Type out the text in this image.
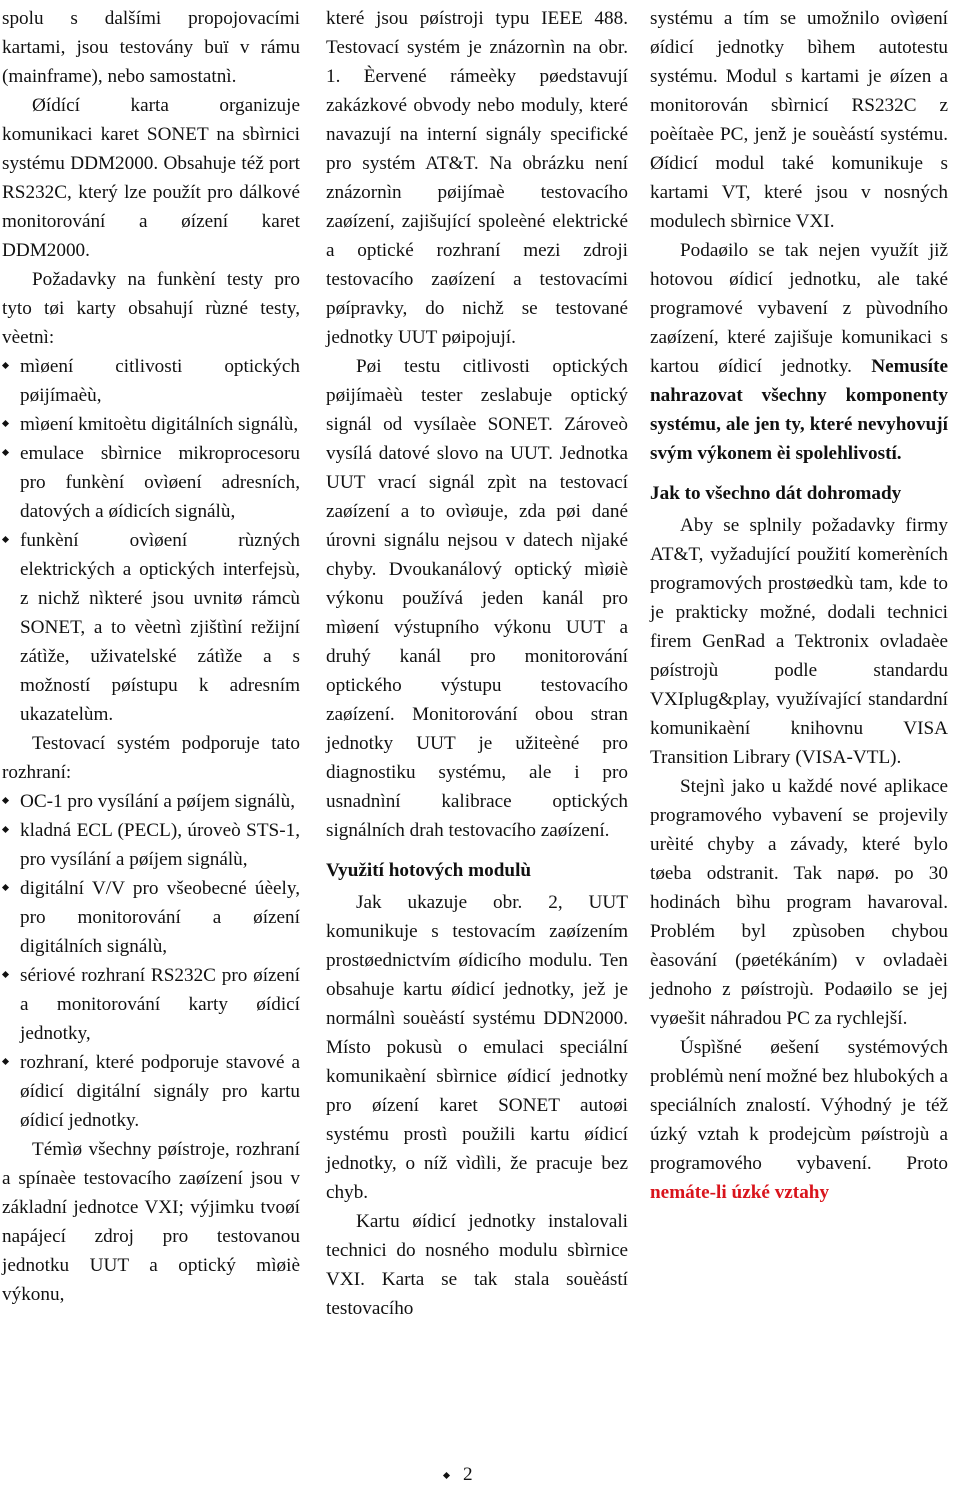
spolu s dalšími propojovacími kartami, jsou testovány buï v rámu (mainframe), nebo samostatnì.

Øídící karta organizuje komunikaci karet SONET na sbìrnici systému DDM2000. Obsahuje též port RS232C, který lze použít pro dálkové monitorování a øízení karet DDM2000.

Požadavky na funkèní testy pro tyto tøi karty obsahují rùzné testy, vèetnì:

mìøení citlivosti optických pøijímaèù,
mìøení kmitoètu digitálních signálù,
emulace sbìrnice mikroprocesoru pro funkèní ovìøení adresních, datových a øídicích signálù,
funkèní ovìøení rùzných elektrických a optických interfejsù, z nichž nìkteré jsou uvnitø rámcù SONET, a to vèetnì zjištìní režijní zátìže, uživatelské zátìže a s možností pøístupu k adresním ukazatelùm.

Testovací systém podporuje tato rozhraní:

OC-1 pro vysílání a pøíjem signálù,
kladná ECL (PECL), úroveò STS-1, pro vysílání a pøíjem signálù,
digitální V/V pro všeobecné úèely, pro monitorování a øízení digitálních signálù,
sériové rozhraní RS232C pro øízení a monitorování karty øídicí jednotky,
rozhraní, které podporuje stavové a øídicí digitální signály pro kartu øídicí jednotky.

Témìø všechny pøístroje, rozhraní a spínaèe testovacího zaøízení jsou v základní jednotce VXI; výjimku tvoøí napájecí zdroj pro testovanou jednotku UUT a optický mìøiè výkonu,

které jsou pøístroji typu IEEE 488. Testovací systém je znázornìn na obr. 1. Èervené rámeèky pøedstavují zakázkové obvody nebo moduly, které navazují na interní signály specifické pro systém AT&T. Na obrázku není znázornìn pøijímaè testovacího zaøízení, zajišující spoleèné elektrické a optické rozhraní mezi zdroji testovacího zaøízení a testovacími pøípravky, do nichž se testované jednotky UUT pøipojují.

Pøi testu citlivosti optických pøijímaèù tester zeslabuje optický signál od vysílaèe SONET. Zároveò vysílá datové slovo na UUT. Jednotka UUT vrací signál zpìt na testovací zaøízení a to ovìøuje, zda pøi dané úrovni signálu nejsou v datech nìjaké chyby. Dvoukanálový optický mìøiè výkonu používá jeden kanál pro mìøení výstupního výkonu UUT a druhý kanál pro monitorování optického výstupu testovacího zaøízení. Monitorování obou stran jednotky UUT je užiteèné pro diagnostiku systému, ale i pro usnadnìní kalibrace optických signálních drah testovacího zaøízení.

Využití hotových modulù

Jak ukazuje obr. 2, UUT komunikuje s testovacím zaøízením prostøednictvím øídicího modulu. Ten obsahuje kartu øídicí jednotky, jež je normálnì souèástí systému DDN2000. Místo pokusù o emulaci speciální komunikaèní sbìrnice øídicí jednotky pro øízení karet SONET autoøi systému prostì použili kartu øídicí jednotky, o níž vìdìli, že pracuje bez chyb.

Kartu øídicí jednotky instalovali technici do nosného modulu sbìrnice VXI. Karta se tak stala souèástí testovacího

systému a tím se umožnilo ovìøení øídicí jednotky bìhem autotestu systému. Modul s kartami je øízen a monitorován sbìrnicí RS232C z poèítaèe PC, jenž je souèástí systému. Øídicí modul také komunikuje s kartami VT, které jsou v nosných modulech sbìrnice VXI.

Podaøilo se tak nejen využít již hotovou øídicí jednotku, ale také programové vybavení z pùvodního zaøízení, které zajišuje komunikaci s kartou øídicí jednotky. Nemusíte nahrazovat všechny komponenty systému, ale jen ty, které nevyhovují svým výkonem èi spolehlivostí.

Jak to všechno dát dohromady

Aby se splnily požadavky firmy AT&T, vyžadující použití komerèních programových prostøedkù tam, kde to je prakticky možné, dodali technici firem GenRad a Tektronix ovladaèe pøístrojù podle standardu VXIplug&play, využívající standardní komunikaèní knihovnu VISA Transition Library (VISA-VTL).

Stejnì jako u každé nové aplikace programového vybavení se projevily urèité chyby a závady, které bylo tøeba odstranit. Tak napø. po 30 hodinách bìhu program havaroval. Problém byl zpùsoben chybou èasování (pøetékáním) v ovladaèi jednoho z pøístrojù. Podaøilo se jej vyøešit náhradou PC za rychlejší.

Úspìšné øešení systémových problémù není možné bez hlubokých a speciálních znalostí. Výhodný je též úzký vztah k prodejcùm pøístrojù a programového vybavení. Proto nemáte-li úzké vztahy

2
